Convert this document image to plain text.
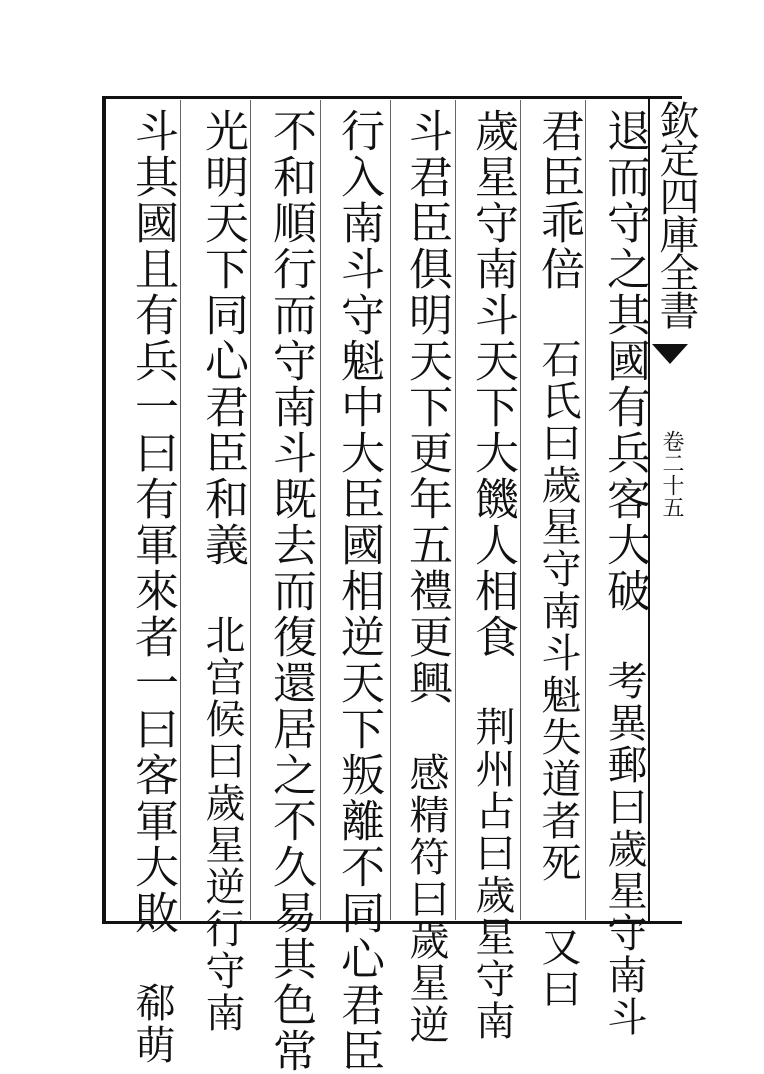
欽定四庫全書
卷二十五
退而守之其國有兵客大破　考異郵曰歲星守南斗
君臣乖倍　石氏曰歲星守南斗魁失道者死　又曰
歲星守南斗天下大饑人相食　荆州占曰歲星守南
斗君臣俱明天下更年五禮更興　感精符曰歲星逆
行入南斗守魁中大臣國相逆天下叛離不同心君臣
不和順行而守南斗既去而復還居之不久易其色常
光明天下同心君臣和義　北宫候曰歲星逆行守南
斗其國且有兵一曰有軍來者一曰客軍大敗　郗萌
